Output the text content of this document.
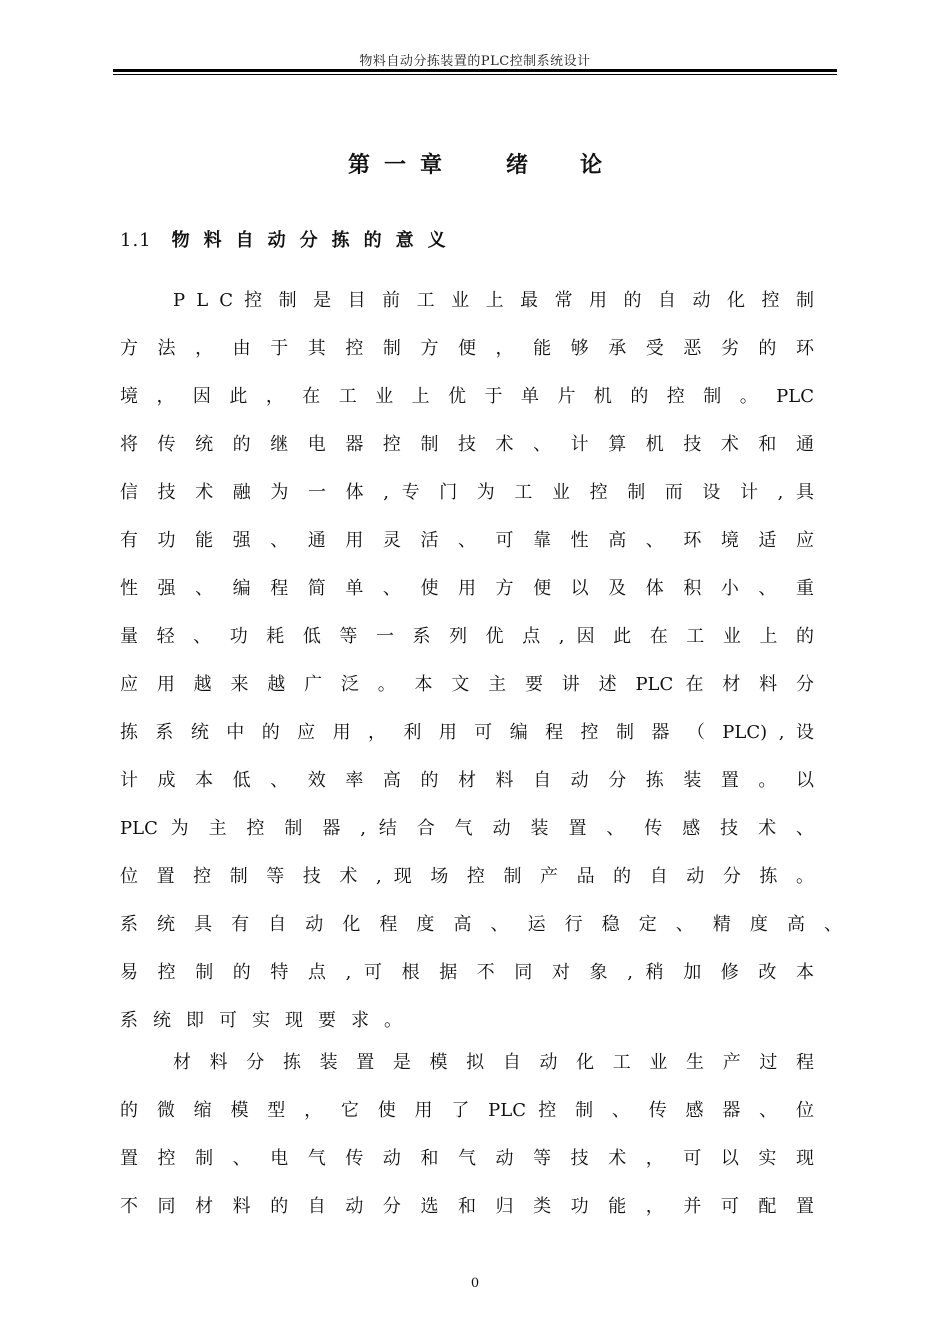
物料自动分拣装置的PLC控制系统设计
第一章 绪论
1.1 物料自动分拣的意义
P L C 控 制 是 目 前 工 业 上 最 常 用 的 自 动 化 控 制
方 法 ， 由 于 其 控 制 方 便 ， 能 够 承 受 恶 劣 的 环
境 ， 因 此 ， 在 工 业 上 优 于 单 片 机 的 控 制 。 PLC
将 传 统 的 继 电 器 控 制 技 术 、 计 算 机 技 术 和 通
信 技 术 融 为 一 体 , 专 门 为 工 业 控 制 而 设 计 , 具
有 功 能 强 、 通 用 灵 活 、 可 靠 性 高 、 环 境 适 应
性 强 、 编 程 简 单 、 使 用 方 便 以 及 体 积 小 、 重
量 轻 、 功 耗 低 等 一 系 列 优 点 , 因 此 在 工 业 上 的
应 用 越 来 越 广 泛 。 本 文 主 要 讲 述 PLC 在 材 料 分
拣 系 统 中 的 应 用 ， 利 用 可 编 程 控 制 器 （ PLC) , 设
计 成 本 低 、 效 率 高 的 材 料 自 动 分 拣 装 置 。 以
PLC 为 主 控 制 器 , 结 合 气 动 装 置 、 传 感 技 术 、
位 置 控 制 等 技 术 , 现 场 控 制 产 品 的 自 动 分 拣 。
系 统 具 有 自 动 化 程 度 高 、 运 行 稳 定 、 精 度 高 、
易 控 制 的 特 点 , 可 根 据 不 同 对 象 , 稍 加 修 改 本
系统即可实现要求。
材 料 分 拣 装 置 是 模 拟 自 动 化 工 业 生 产 过 程
的 微 缩 模 型 ， 它 使 用 了 PLC 控 制 、 传 感 器 、 位
置 控 制 、 电 气 传 动 和 气 动 等 技 术 ， 可 以 实 现
不 同 材 料 的 自 动 分 选 和 归 类 功 能 ， 并 可 配 置
0
